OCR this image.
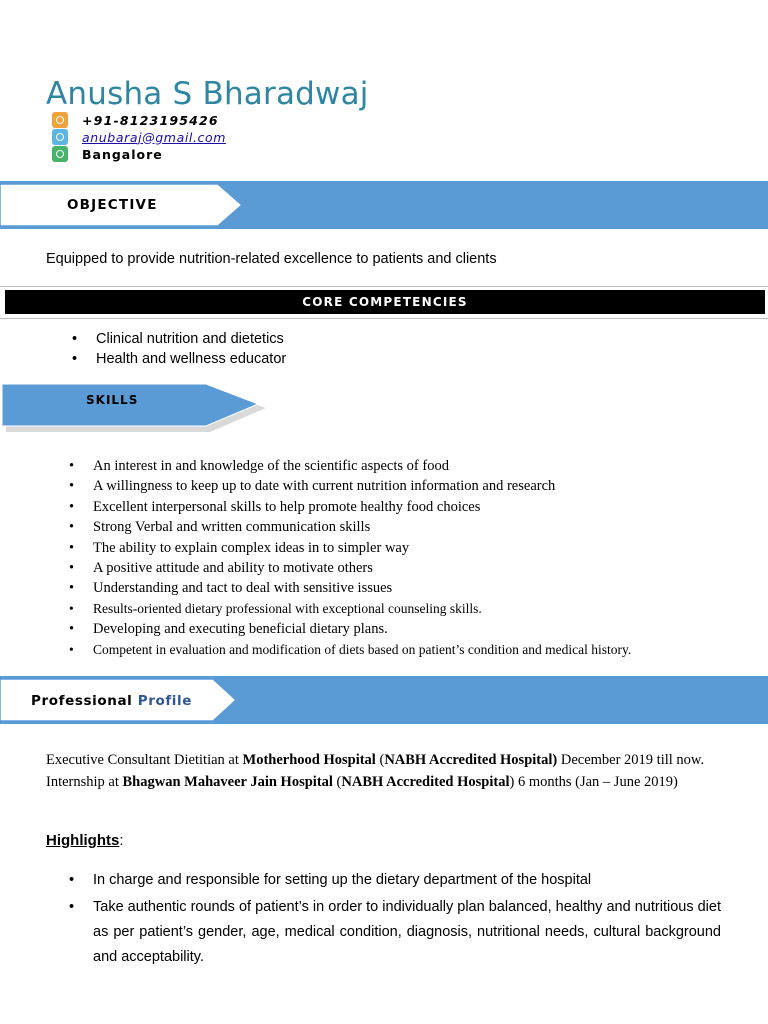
Anusha S Bharadwaj
+91-8123195426
anubaraj@gmail.com
Bangalore
OBJECTIVE
Equipped to provide nutrition-related excellence to patients and clients
CORE COMPETENCIES
• Clinical nutrition and dietetics
• Health and wellness educator
SKILLS
• An interest in and knowledge of the scientific aspects of food
• A willingness to keep up to date with current nutrition information and research
• Excellent interpersonal skills to help promote healthy food choices
• Strong Verbal and written communication skills
• The ability to explain complex ideas in to simpler way
• A positive attitude and ability to motivate others
• Understanding and tact to deal with sensitive issues
• Results-oriented dietary professional with exceptional counseling skills.
• Developing and executing beneficial dietary plans.
• Competent in evaluation and modification of diets based on patient’s condition and medical history.
Professional Profile
Executive Consultant Dietitian at Motherhood Hospital (NABH Accredited Hospital) December 2019 till now.
Internship at Bhagwan Mahaveer Jain Hospital (NABH Accredited Hospital) 6 months (Jan – June 2019)
Highlights:
• In charge and responsible for setting up the dietary department of the hospital
• Take authentic rounds of patient’s in order to individually plan balanced, healthy and nutritious diet as per patient’s gender, age, medical condition, diagnosis, nutritional needs, cultural background and acceptability.
